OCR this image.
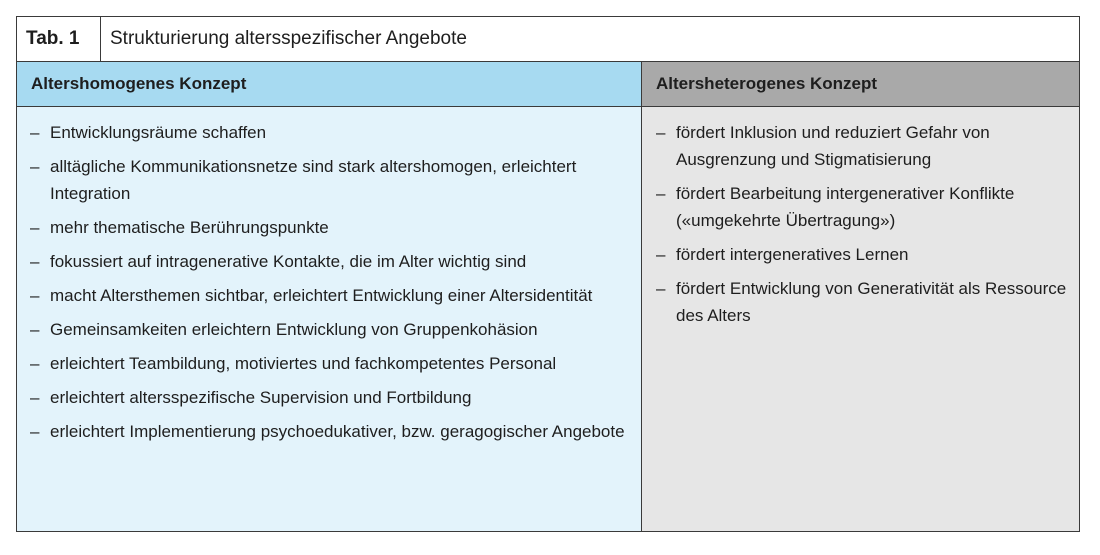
Tab. 1	Strukturierung altersspezifischer Angebote
Altershomogenes Konzept	Altersheterogenes Konzept
– Entwicklungsräume schaffen
– alltägliche Kommunikationsnetze sind stark altershomogen, erleichtert Integration
– mehr thematische Berührungspunkte
– fokussiert auf intragenerative Kontakte, die im Alter wichtig sind
– macht Altersthemen sichtbar, erleichtert Entwicklung einer Altersidentität
– Gemeinsamkeiten erleichtern Entwicklung von Gruppenkohäsion
– erleichtert Teambildung, motiviertes und fachkompetentes Personal
– erleichtert altersspezifische Supervision und Fortbildung
– erleichtert Implementierung psychoedukativer, bzw. geragogischer Angebote
– fördert Inklusion und reduziert Gefahr von Ausgrenzung und Stigmatisierung
– fördert Bearbeitung intergenerativer Konflikte («umgekehrte Übertragung»)
– fördert intergeneratives Lernen
– fördert Entwicklung von Generativität als Ressource des Alters
